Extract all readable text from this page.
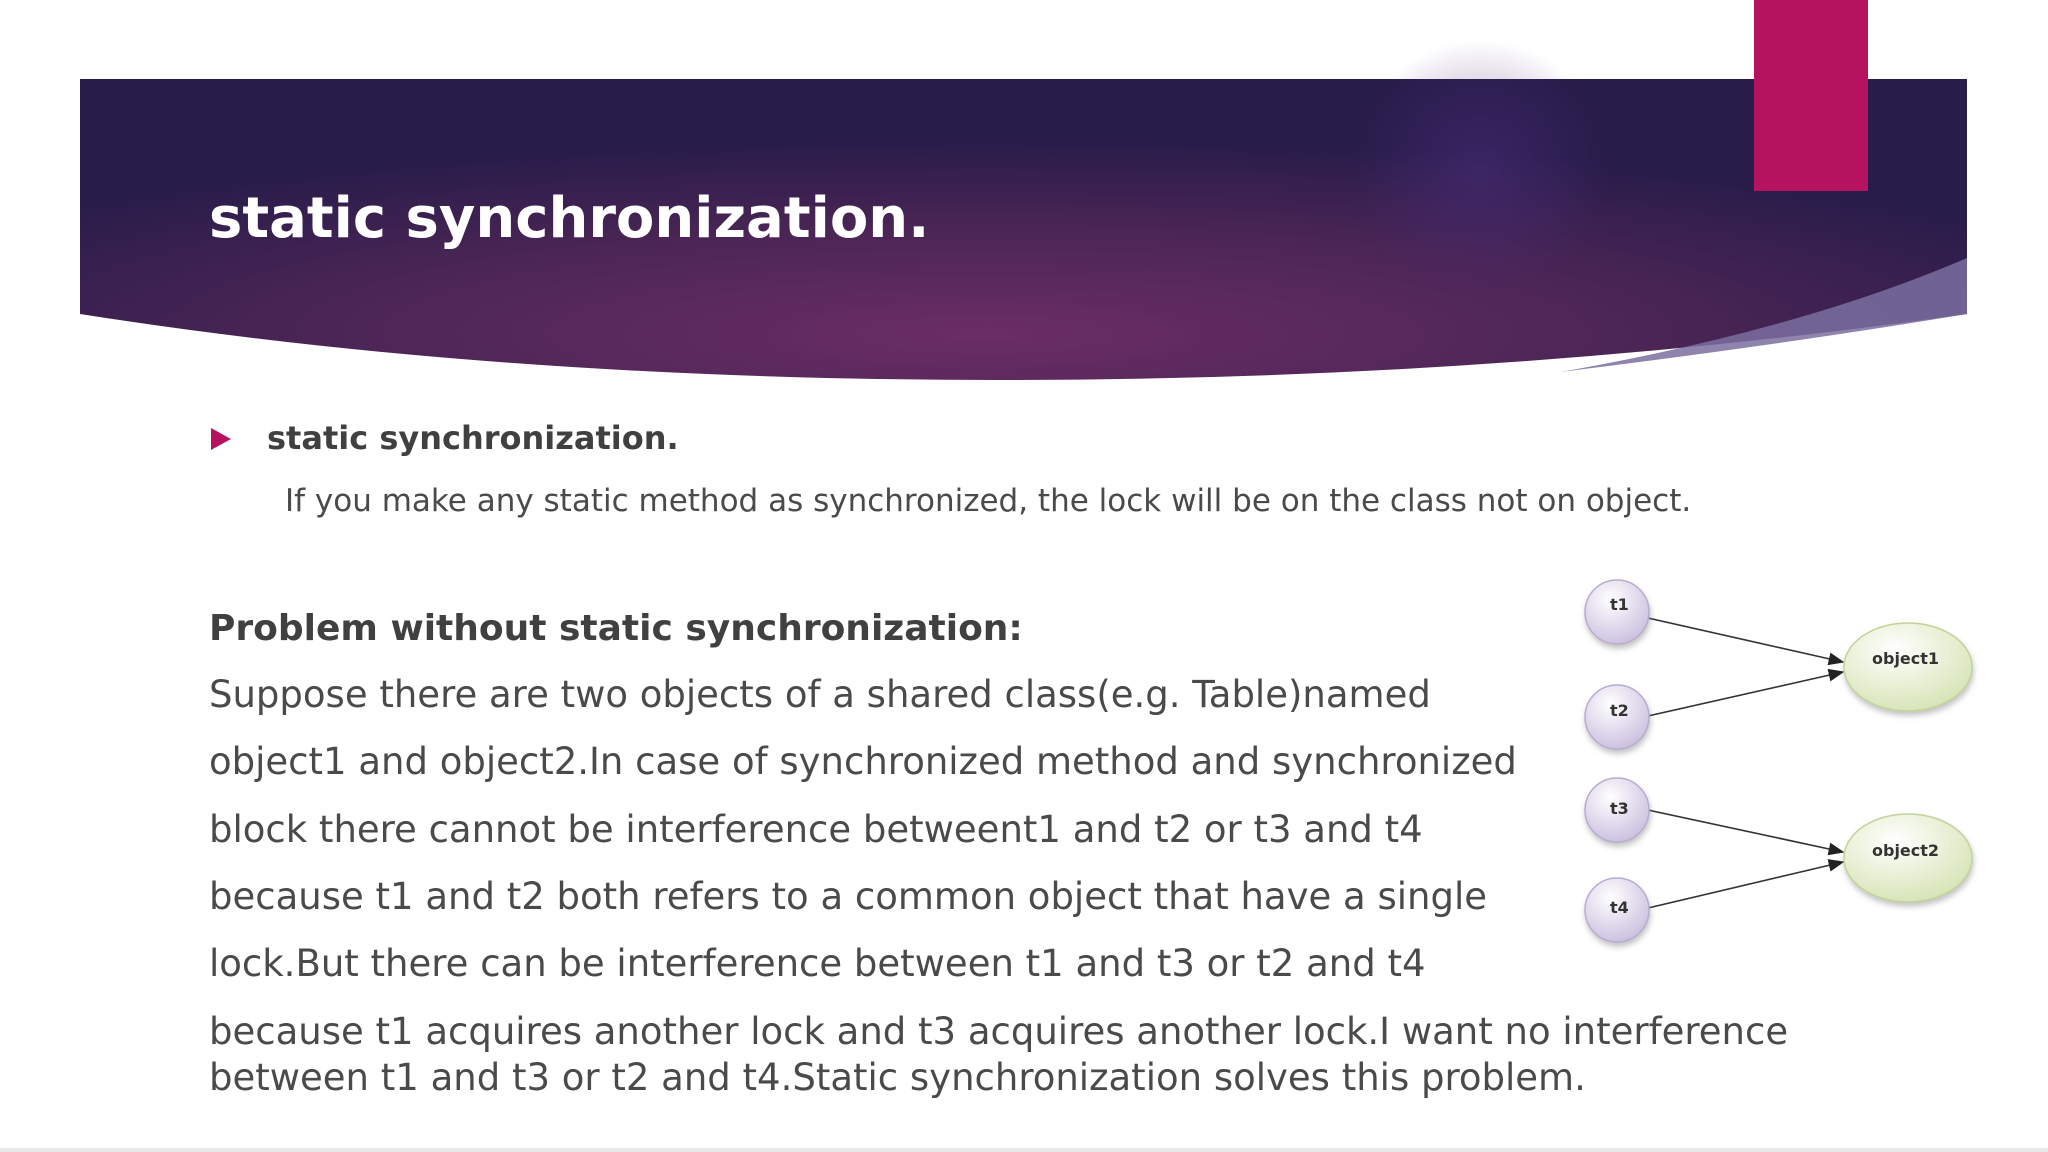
static synchronization.
static synchronization.
If you make any static method as synchronized, the lock will be on the class not on object.
Problem without static synchronization:
Suppose there are two objects of a shared class(e.g. Table)named
object1 and object2.In case of synchronized method and synchronized
block there cannot be interference betweent1 and t2 or t3 and t4
because t1 and t2 both refers to a common object that have a single
lock.But there can be interference between t1 and t3 or t2 and t4
because t1 acquires another lock and t3 acquires another lock.I want no interference
between t1 and t3 or t2 and t4.Static synchronization solves this problem.
t1
t2
t3
t4
object1
object2
